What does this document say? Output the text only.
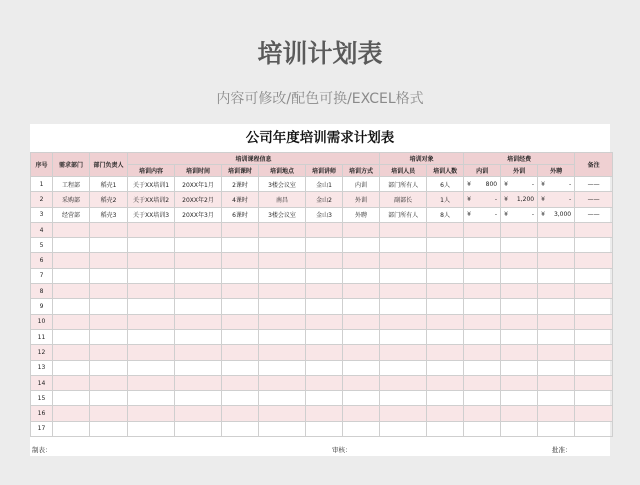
培训计划表
内容可修改/配色可换/EXCEL格式
公司年度培训需求计划表
序号	需求部门	部门负责人	培训课程信息						培训对象		培训经费			备注
			培训内容	培训时间	培训课时	培训地点	培训讲师	培训方式	培训人员	培训人数	内训	外训	外聘	
1	工程部	稻壳1	关于XX培训1	20XX年1月	2课时	3楼会议室	金山1	内训	部门所有人	6人	¥ 800	¥ -	¥ -	——
2	采购部	稻壳2	关于XX培训2	20XX年2月	4课时	南昌	金山2	外训	副部长	1人	¥ -	¥ 1,200	¥ -	——
3	经营部	稻壳3	关于XX培训3	20XX年3月	6课时	3楼会议室	金山3	外聘	部门所有人	8人	¥ -	¥ -	¥ 3,000	——
4														
5														
6														
7														
8														
9														
10														
11														
12														
13														
14														
15														
16														
17														
制表：	审核：	批准：
